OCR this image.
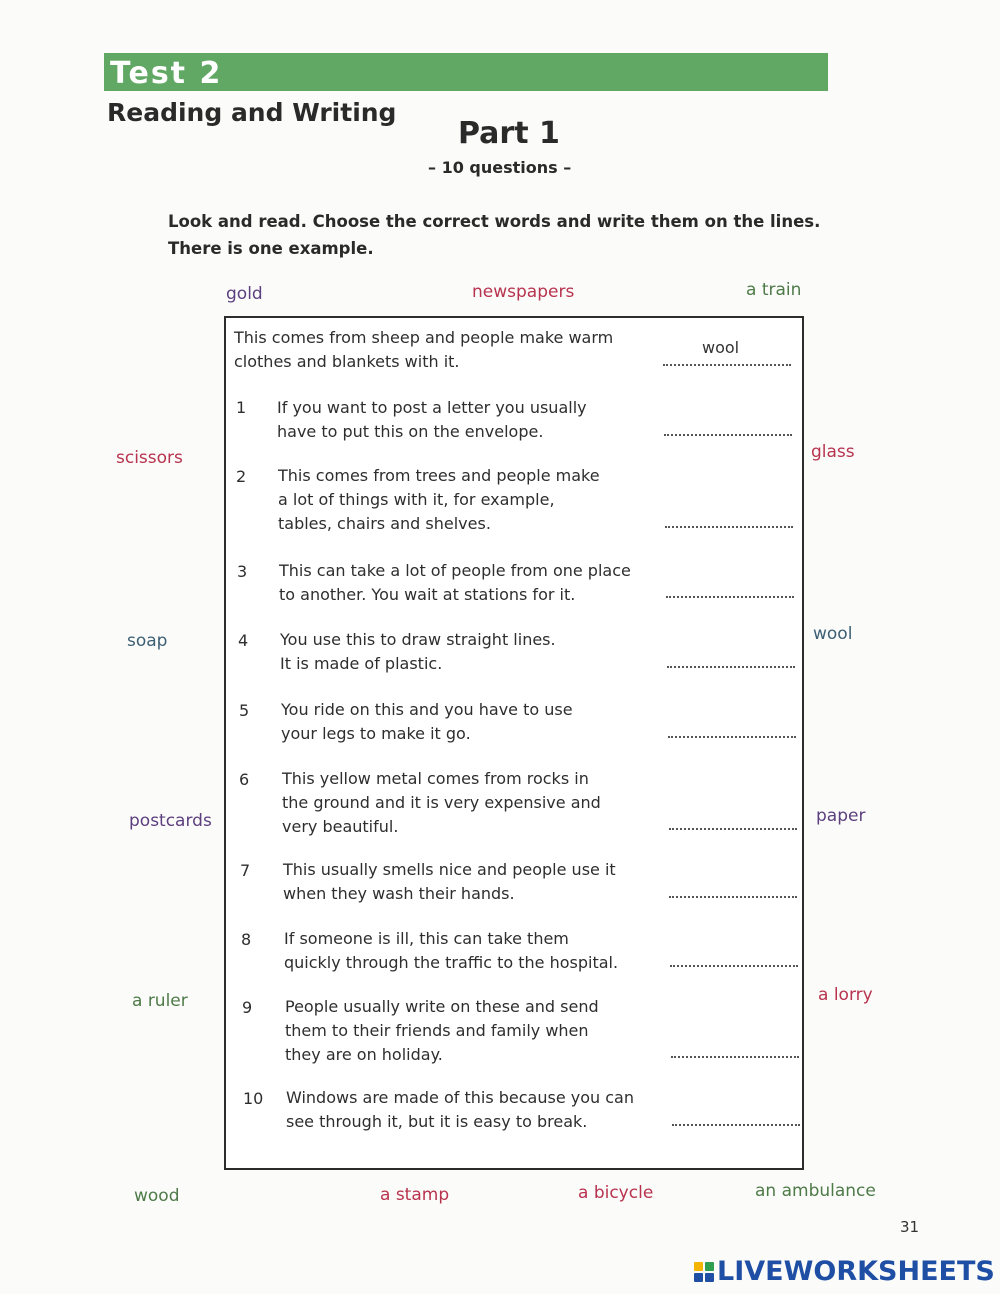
Test 2
Reading and Writing
Part 1
– 10 questions –
Look and read. Choose the correct words and write them on the lines.
There is one example.
gold	newspapers	a train
scissors	glass
soap	wool
postcards	paper
a ruler	a lorry
wood	a stamp	a bicycle	an ambulance
This comes from sheep and people make warm
clothes and blankets with it.
wool
1 If you want to post a letter you usually
have to put this on the envelope.
2 This comes from trees and people make
a lot of things with it, for example,
tables, chairs and shelves.
3 This can take a lot of people from one place
to another. You wait at stations for it.
4 You use this to draw straight lines.
It is made of plastic.
5 You ride on this and you have to use
your legs to make it go.
6 This yellow metal comes from rocks in
the ground and it is very expensive and
very beautiful.
7 This usually smells nice and people use it
when they wash their hands.
8 If someone is ill, this can take them
quickly through the traffic to the hospital.
9 People usually write on these and send
them to their friends and family when
they are on holiday.
10 Windows are made of this because you can
see through it, but it is easy to break.
31
LIVEWORKSHEETS
